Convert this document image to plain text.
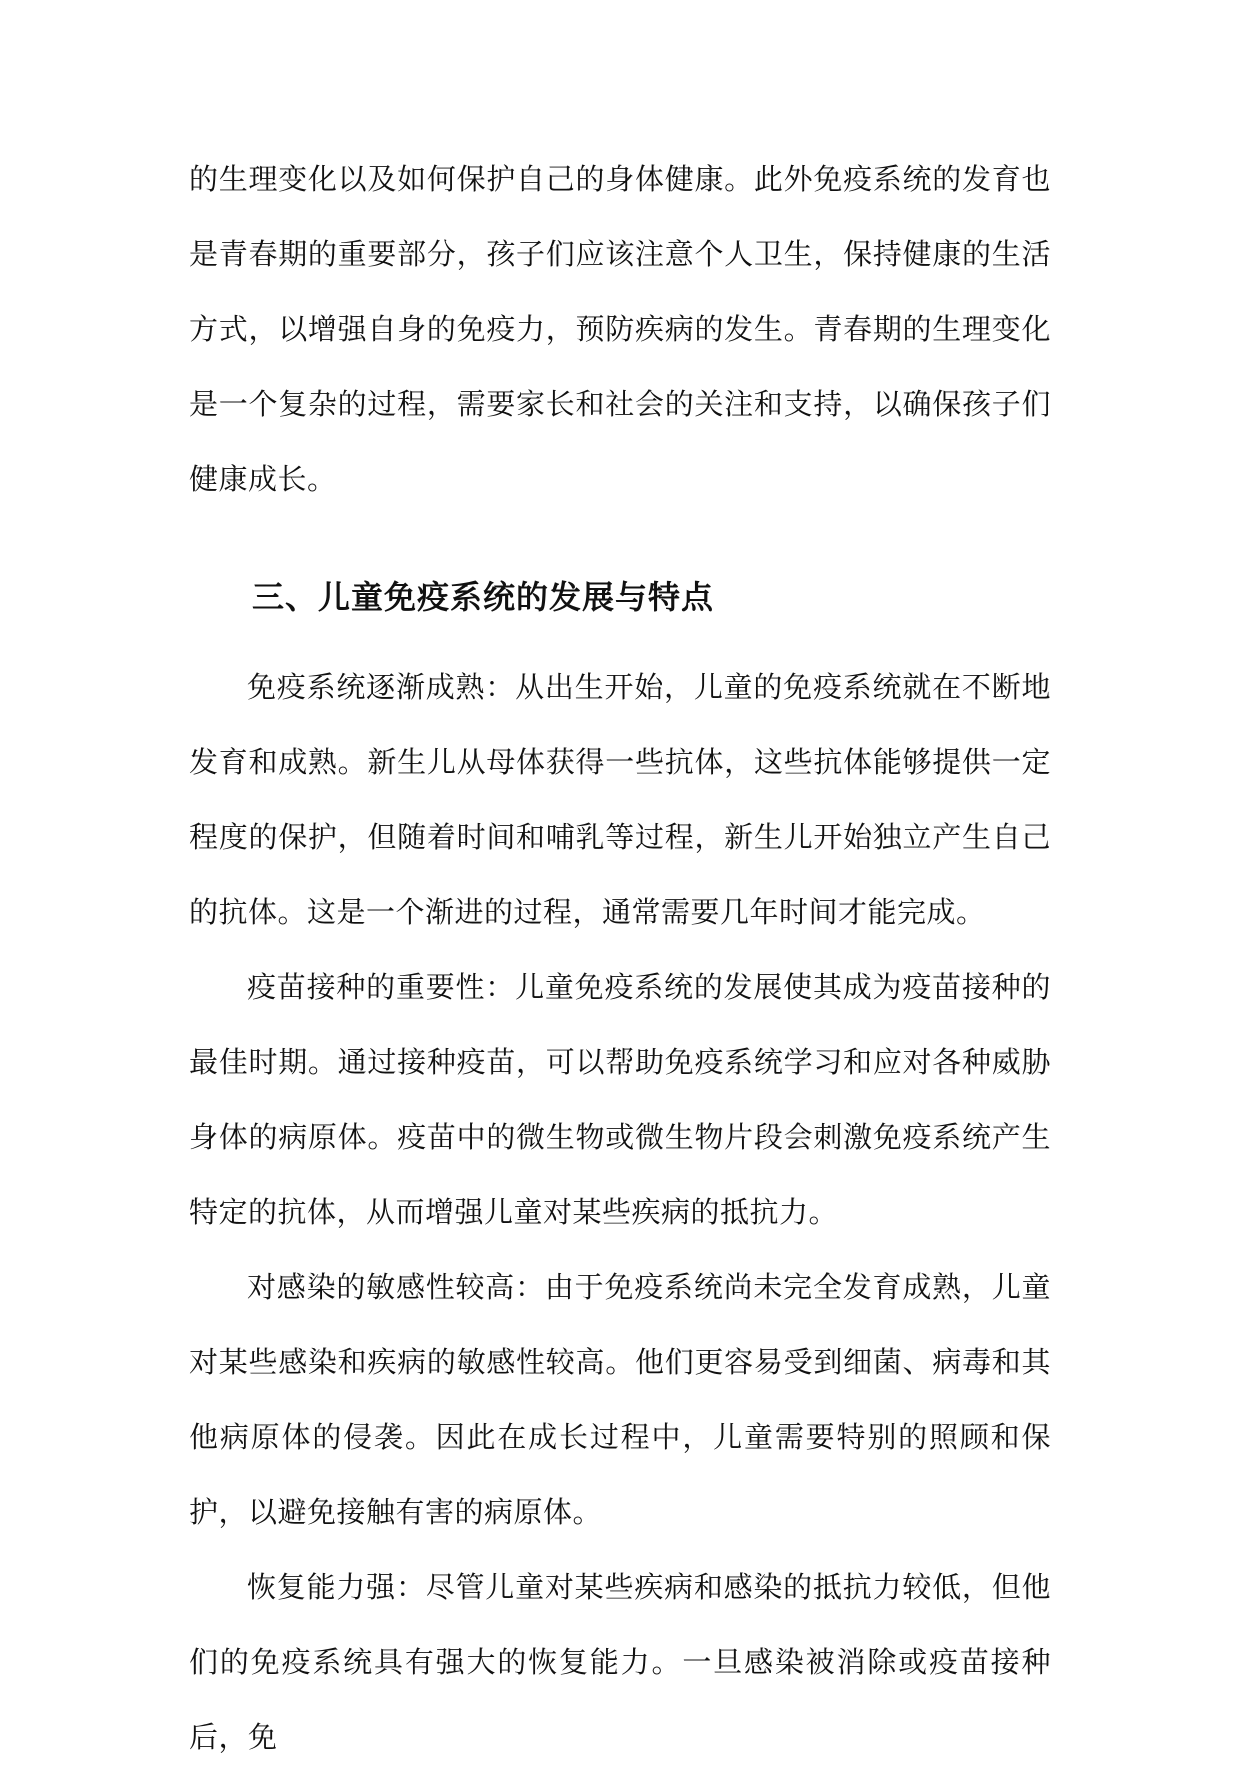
的生理变化以及如何保护自己的身体健康。此外免疫系统的发育也是青春期的重要部分，孩子们应该注意个人卫生，保持健康的生活方式，以增强自身的免疫力，预防疾病的发生。青春期的生理变化是一个复杂的过程，需要家长和社会的关注和支持，以确保孩子们健康成长。

三、儿童免疫系统的发展与特点

免疫系统逐渐成熟：从出生开始，儿童的免疫系统就在不断地发育和成熟。新生儿从母体获得一些抗体，这些抗体能够提供一定程度的保护，但随着时间和哺乳等过程，新生儿开始独立产生自己的抗体。这是一个渐进的过程，通常需要几年时间才能完成。

疫苗接种的重要性：儿童免疫系统的发展使其成为疫苗接种的最佳时期。通过接种疫苗，可以帮助免疫系统学习和应对各种威胁身体的病原体。疫苗中的微生物或微生物片段会刺激免疫系统产生特定的抗体，从而增强儿童对某些疾病的抵抗力。

对感染的敏感性较高：由于免疫系统尚未完全发育成熟，儿童对某些感染和疾病的敏感性较高。他们更容易受到细菌、病毒和其他病原体的侵袭。因此在成长过程中，儿童需要特别的照顾和保护，以避免接触有害的病原体。

恢复能力强：尽管儿童对某些疾病和感染的抵抗力较低，但他们的免疫系统具有强大的恢复能力。一旦感染被消除或疫苗接种后，免
